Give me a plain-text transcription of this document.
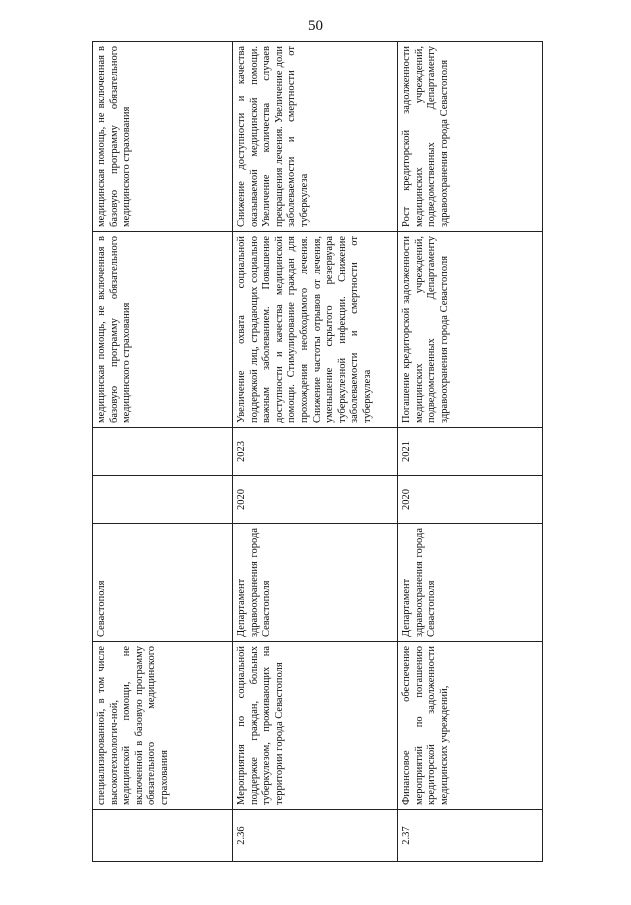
50
	специализированной, в том числе высокотехнологич-ной, медицинской помощи, не включенной в базовую программу обязательного медицинского страхования	Севастополя			медицинская помощь, не включенная в базовую программу обязательного медицинского страхования	медицинская помощь, не включенная в базовую программу обязательного медицинского страхования
2.36	Мероприятия по социальной поддержке граждан, больных туберкулезом, проживающих на территории города Севастополя	Департамент здравоохранения города Севастополя	2020	2023	Увеличение охвата социальной поддержкой лиц, страдающих социально важным заболеванием. Повышение доступности и качества медицинской помощи. Стимулирование граждан для прохождения необходимого лечения. Снижение частоты отрывов от лечения, уменьшение скрытого резервуара туберкулезной инфекции. Снижение заболеваемости и смертности от туберкулеза	Снижение доступности и качества оказываемой медицинской помощи. Увеличение количества случаев прекращения лечения. Увеличение доли заболеваемости и смертности от туберкулеза
2.37	Финансовое обеспечение мероприятий по погашению кредиторской задолженности медицинских учреждений,	Департамент здравоохранения города Севастополя	2020	2021	Погашение кредиторской задолженности медицинских учреждений, подведомственных Департаменту здравоохранения города Севастополя	Рост кредиторской задолженности медицинских учреждений, подведомственных Департаменту здравоохранения города Севастополя
